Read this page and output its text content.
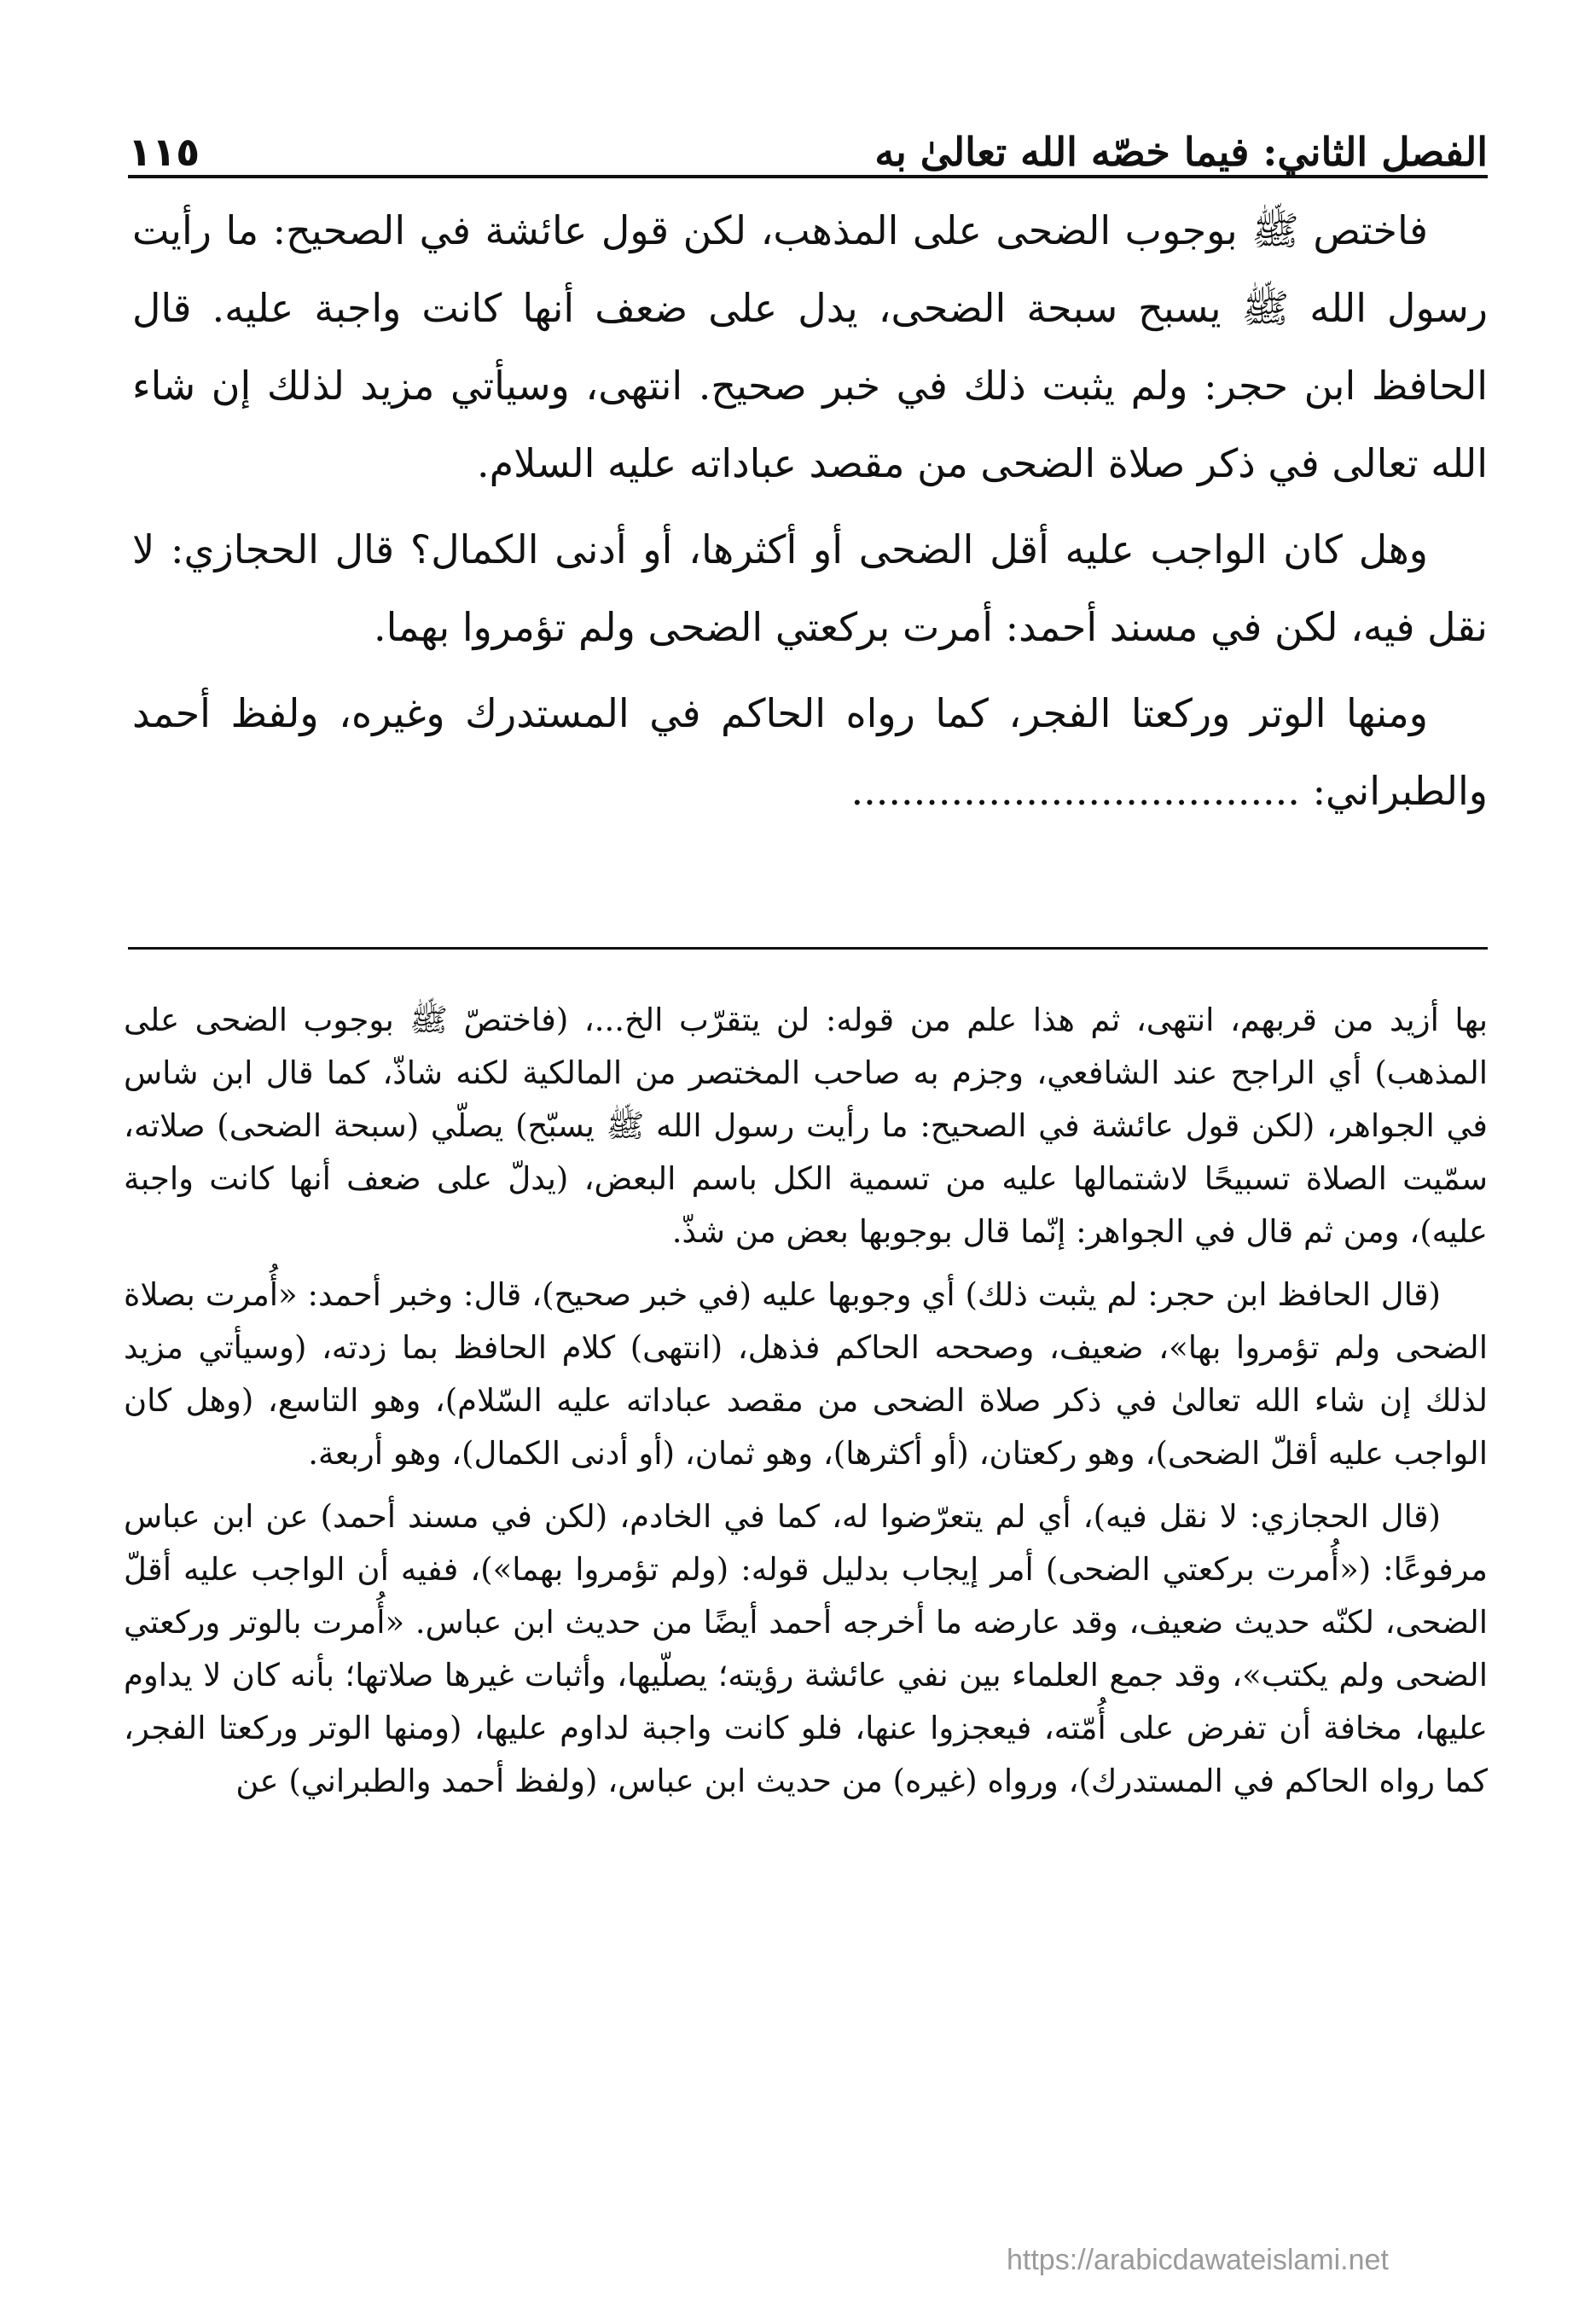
الفصل الثاني: فيما خصّه الله تعالىٰ به
١١٥

فاختص ﷺ بوجوب الضحى على المذهب، لكن قول عائشة في الصحيح: ما رأيت رسول الله ﷺ يسبح سبحة الضحى، يدل على ضعف أنها كانت واجبة عليه. قال الحافظ ابن حجر: ولم يثبت ذلك في خبر صحيح. انتهى، وسيأتي مزيد لذلك إن شاء الله تعالى في ذكر صلاة الضحى من مقصد عباداته عليه السلام.

وهل كان الواجب عليه أقل الضحى أو أكثرها، أو أدنى الكمال؟ قال الحجازي: لا نقل فيه، لكن في مسند أحمد: أمرت بركعتي الضحى ولم تؤمروا بهما.

ومنها الوتر وركعتا الفجر، كما رواه الحاكم في المستدرك وغيره، ولفظ أحمد والطبراني: ....................................

بها أزيد من قربهم، انتهى، ثم هذا علم من قوله: لن يتقرّب الخ...، (فاختصّ ﷺ بوجوب الضحى على المذهب) أي الراجح عند الشافعي، وجزم به صاحب المختصر من المالكية لكنه شاذّ، كما قال ابن شاس في الجواهر، (لكن قول عائشة في الصحيح: ما رأيت رسول الله ﷺ يسبّح) يصلّي (سبحة الضحى) صلاته، سمّيت الصلاة تسبيحًا لاشتمالها عليه من تسمية الكل باسم البعض، (يدلّ على ضعف أنها كانت واجبة عليه)، ومن ثم قال في الجواهر: إنّما قال بوجوبها بعض من شذّ.

(قال الحافظ ابن حجر: لم يثبت ذلك) أي وجوبها عليه (في خبر صحيح)، قال: وخبر أحمد: «أُمرت بصلاة الضحى ولم تؤمروا بها»، ضعيف، وصححه الحاكم فذهل، (انتهى) كلام الحافظ بما زدته، (وسيأتي مزيد لذلك إن شاء الله تعالىٰ في ذكر صلاة الضحى من مقصد عباداته عليه السّلام)، وهو التاسع، (وهل كان الواجب عليه أقلّ الضحى)، وهو ركعتان، (أو أكثرها)، وهو ثمان، (أو أدنى الكمال)، وهو أربعة.

(قال الحجازي: لا نقل فيه)، أي لم يتعرّضوا له، كما في الخادم، (لكن في مسند أحمد) عن ابن عباس مرفوعًا: («أُمرت بركعتي الضحى) أمر إيجاب بدليل قوله: (ولم تؤمروا بهما»)، ففيه أن الواجب عليه أقلّ الضحى، لكنّه حديث ضعيف، وقد عارضه ما أخرجه أحمد أيضًا من حديث ابن عباس. «أُمرت بالوتر وركعتي الضحى ولم يكتب»، وقد جمع العلماء بين نفي عائشة رؤيته؛ يصلّيها، وأثبات غيرها صلاتها؛ بأنه كان لا يداوم عليها، مخافة أن تفرض على أُمّته، فيعجزوا عنها، فلو كانت واجبة لداوم عليها، (ومنها الوتر وركعتا الفجر، كما رواه الحاكم في المستدرك)، ورواه (غيره) من حديث ابن عباس، (ولفظ أحمد والطبراني) عن

https://arabicdawateislami.net
